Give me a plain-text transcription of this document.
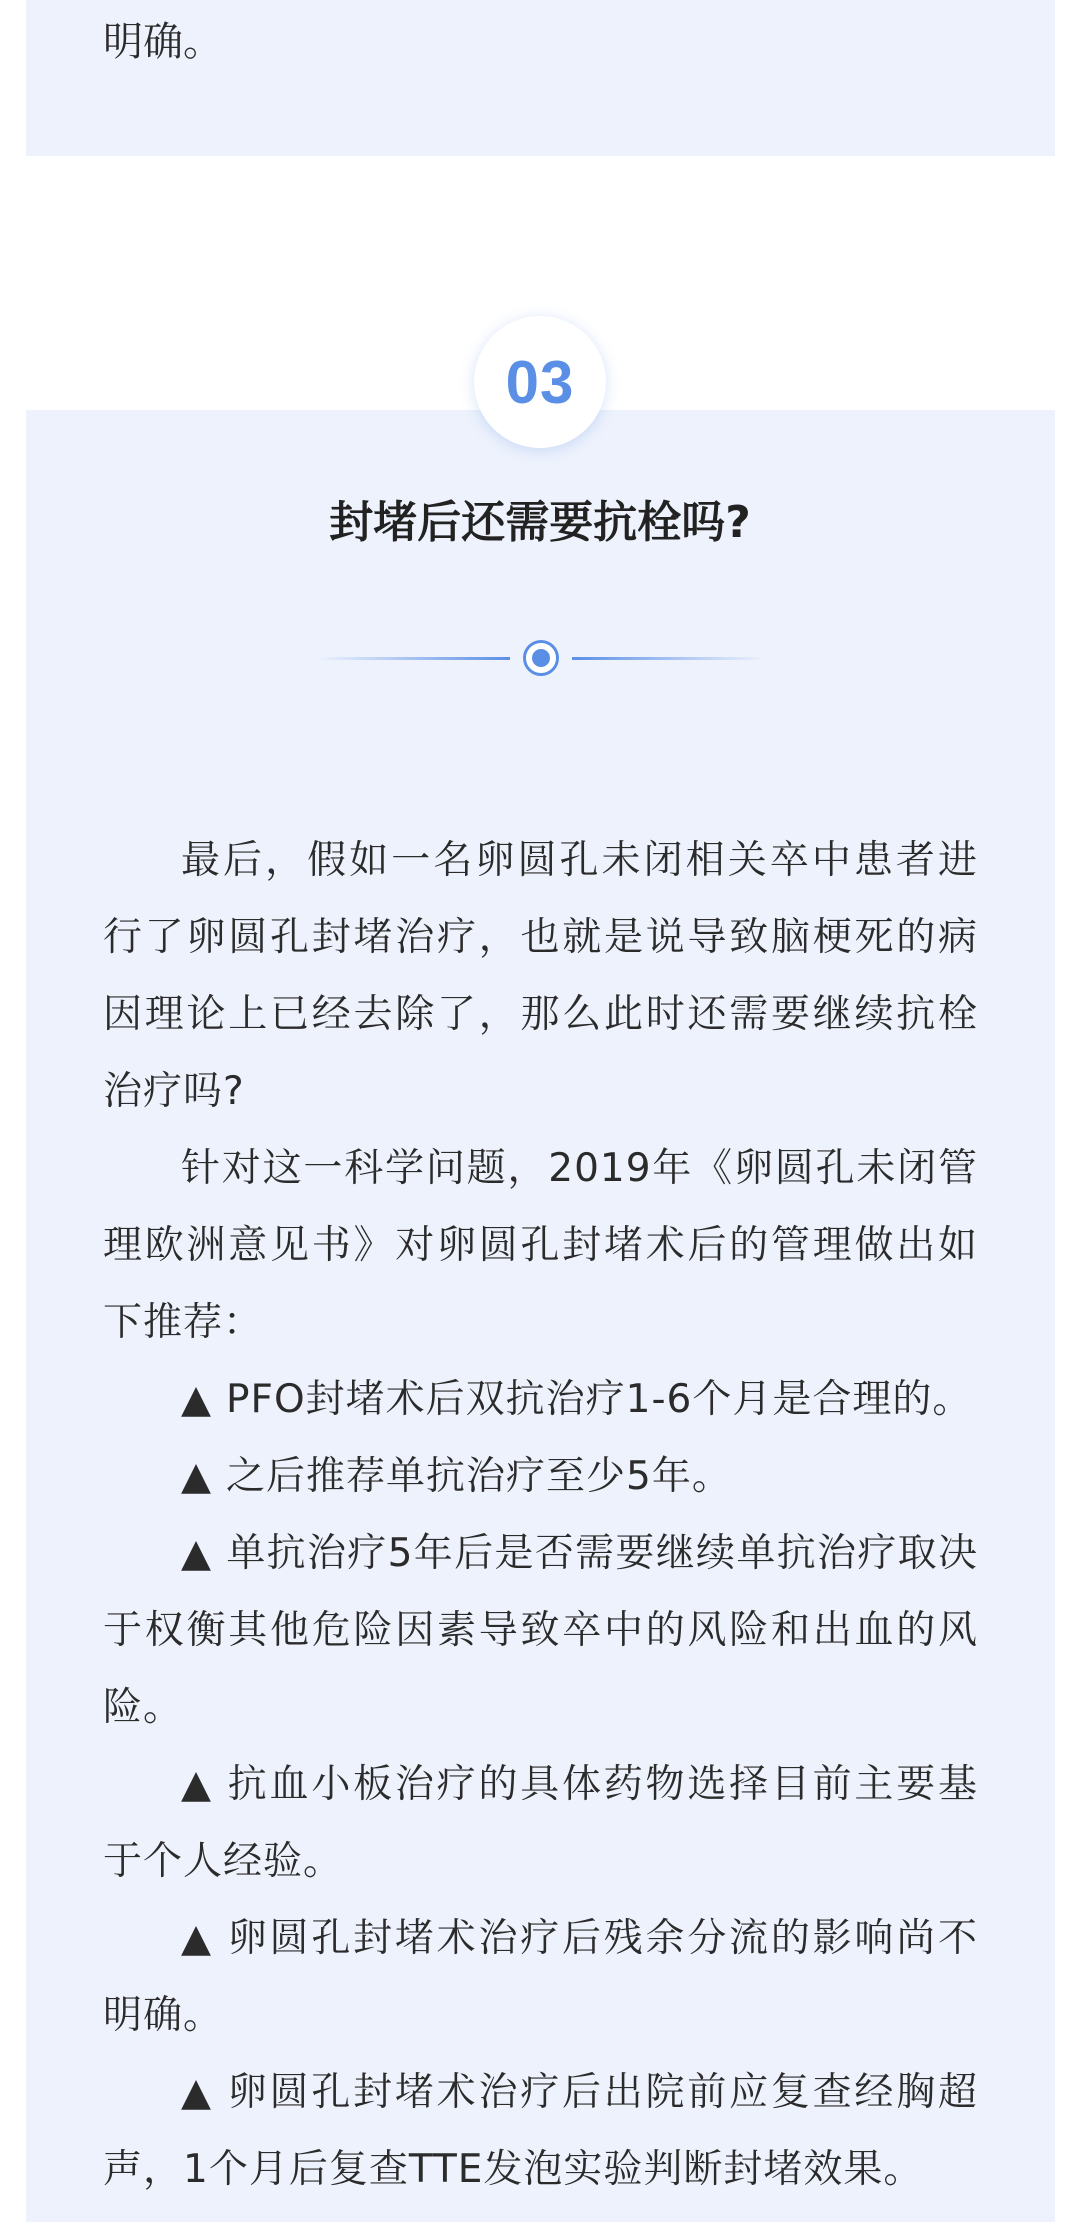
明确。
03
封堵后还需要抗栓吗?

最后，假如一名卵圆孔未闭相关卒中患者进行了卵圆孔封堵治疗，也就是说导致脑梗死的病因理论上已经去除了，那么此时还需要继续抗栓治疗吗?

针对这一科学问题，2019年《卵圆孔未闭管理欧洲意见书》对卵圆孔封堵术后的管理做出如下推荐：

▲ PFO封堵术后双抗治疗1-6个月是合理的。

▲ 之后推荐单抗治疗至少5年。

▲ 单抗治疗5年后是否需要继续单抗治疗取决于权衡其他危险因素导致卒中的风险和出血的风险。

▲ 抗血小板治疗的具体药物选择目前主要基于个人经验。

▲ 卵圆孔封堵术治疗后残余分流的影响尚不明确。

▲ 卵圆孔封堵术治疗后出院前应复查经胸超声，1个月后复查TTE发泡实验判断封堵效果。
